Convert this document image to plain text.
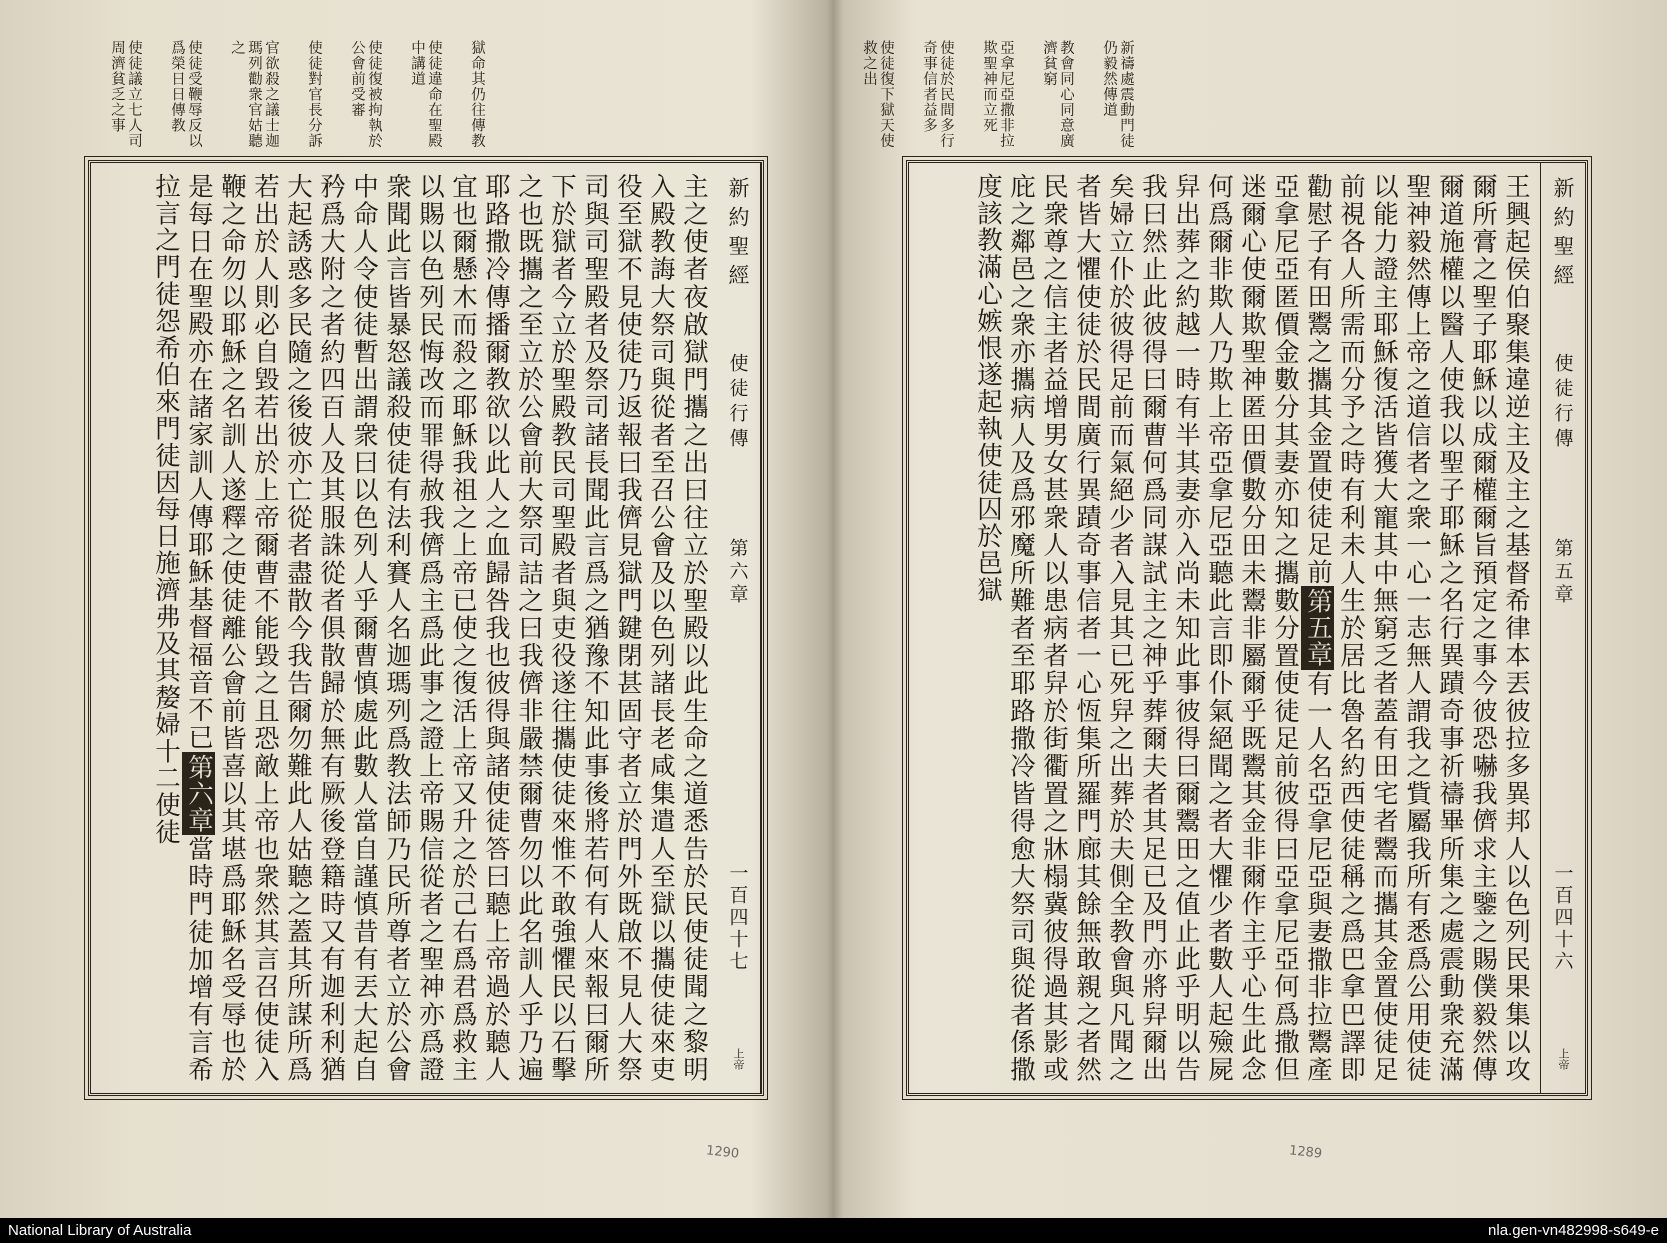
獄命其仍往傳教
使徒違命在聖殿中講道
使徒復被拘執於公會前受審
使徒對官長分訴
官欲殺之議士迦瑪列勸衆官姑聽之
使徒受鞭辱反以爲榮日日傳教
使徒議立七人司周濟貧乏之事
新約聖經
使徒行傳
第六章
一百四十七
上帝
主之使者夜啟獄門攜之出曰往立於聖殿以此生命之道悉告於民使徒聞之黎明入殿教誨大祭司與從者至召公會及以色列諸長老咸集遣人至獄以攜使徒來吏役至獄不見使徒乃返報曰我儕見獄門鍵閉甚固守者立於門外既啟不見人大祭司與司聖殿者及祭司諸長聞此言爲之猶豫不知此事後將若何有人來報曰爾所下於獄者今立於聖殿教民司聖殿者與吏役遂往攜使徒來惟不敢強懼民以石擊之也既攜之至立於公會前大祭司詰之曰我儕非嚴禁爾曹勿以此名訓人乎乃遍耶路撒冷傳播爾教欲以此人之血歸咎我也彼得與諸使徒答曰聽上帝過於聽人宜也爾懸木而殺之耶穌我祖之上帝已使之復活上帝又升之於己右爲君爲救主以賜以色列民悔改而罪得赦我儕爲主爲此事之證上帝賜信從者之聖神亦爲證衆聞此言皆暴怒議殺使徒有法利賽人名迦瑪列爲教法師乃民所尊者立於公會中命人令使徒暫出謂衆曰以色列人乎爾曹慎處此數人當自謹慎昔有丟大起自矜爲大附之者約四百人及其服誅從者俱散歸於無有厥後登籍時又有迦利利猶大起誘惑多民隨之後彼亦亡從者盡散今我告爾勿難此人姑聽之蓋其所謀所爲若出於人則必自毀若出於上帝爾曹不能毀之且恐敵上帝也衆然其言召使徒入鞭之命勿以耶穌之名訓人遂釋之使徒離公會前皆喜以其堪爲耶穌名受辱也於是每日在聖殿亦在諸家訓人傳耶穌基督福音不已第六章當時門徒加增有言希拉言之門徒怨希伯來門徒因每日施濟弗及其嫠婦十二使徒
1290
新禱處震動門徒仍毅然傳道
教會同心同意廣濟貧窮
亞拿尼亞撒非拉欺聖神而立死
使徒於民間多行奇事信者益多
使徒復下獄天使救之出
新約聖經
使徒行傳
第五章
一百四十六
上帝
王興起侯伯聚集違逆主及主之基督希律本丟彼拉多異邦人以色列民果集以攻爾所膏之聖子耶穌以成爾權爾旨預定之事今彼恐嚇我儕求主鑒之賜僕毅然傳爾道施權以醫人使我以聖子耶穌之名行異蹟奇事祈禱畢所集之處震動衆充滿聖神毅然傳上帝之道信者之衆一心一志無人謂我之貲屬我所有悉爲公用使徒以能力證主耶穌復活皆獲大寵其中無窮乏者蓋有田宅者鬻而攜其金置使徒足前視各人所需而分予之時有利未人生於居比魯名約西使徒稱之爲巴拿巴譯即勸慰子有田鬻之攜其金置使徒足前第五章有一人名亞拿尼亞與妻撒非拉鬻產亞拿尼亞匿價金數分其妻亦知之攜數分置使徒足前彼得曰亞拿尼亞何爲撒但迷爾心使爾欺聖神匿田價數分田未鬻非屬爾乎既鬻其金非爾作主乎心生此念何爲爾非欺人乃欺上帝亞拿尼亞聽此言即仆氣絕聞之者大懼少者數人起殮屍舁出葬之約越一時有半其妻亦入尚未知此事彼得曰爾鬻田之值止此乎明以告我曰然止此彼得曰爾曹何爲同謀試主之神乎葬爾夫者其足已及門亦將舁爾出矣婦立仆於彼得足前而氣絕少者入見其已死舁之出葬於夫側全教會與凡聞之者皆大懼使徒於民間廣行異蹟奇事信者一心恆集所羅門廊其餘無敢親之者然民衆尊之信主者益增男女甚衆人以患病者舁於街衢置之牀榻冀彼得過其影或庇之鄰邑之衆亦攜病人及爲邪魔所難者至耶路撒冷皆得愈大祭司與從者係撒度該教滿心嫉恨遂起執使徒囚於邑獄
1289
National Library of Australia	nla.gen-vn482998-s649-e
